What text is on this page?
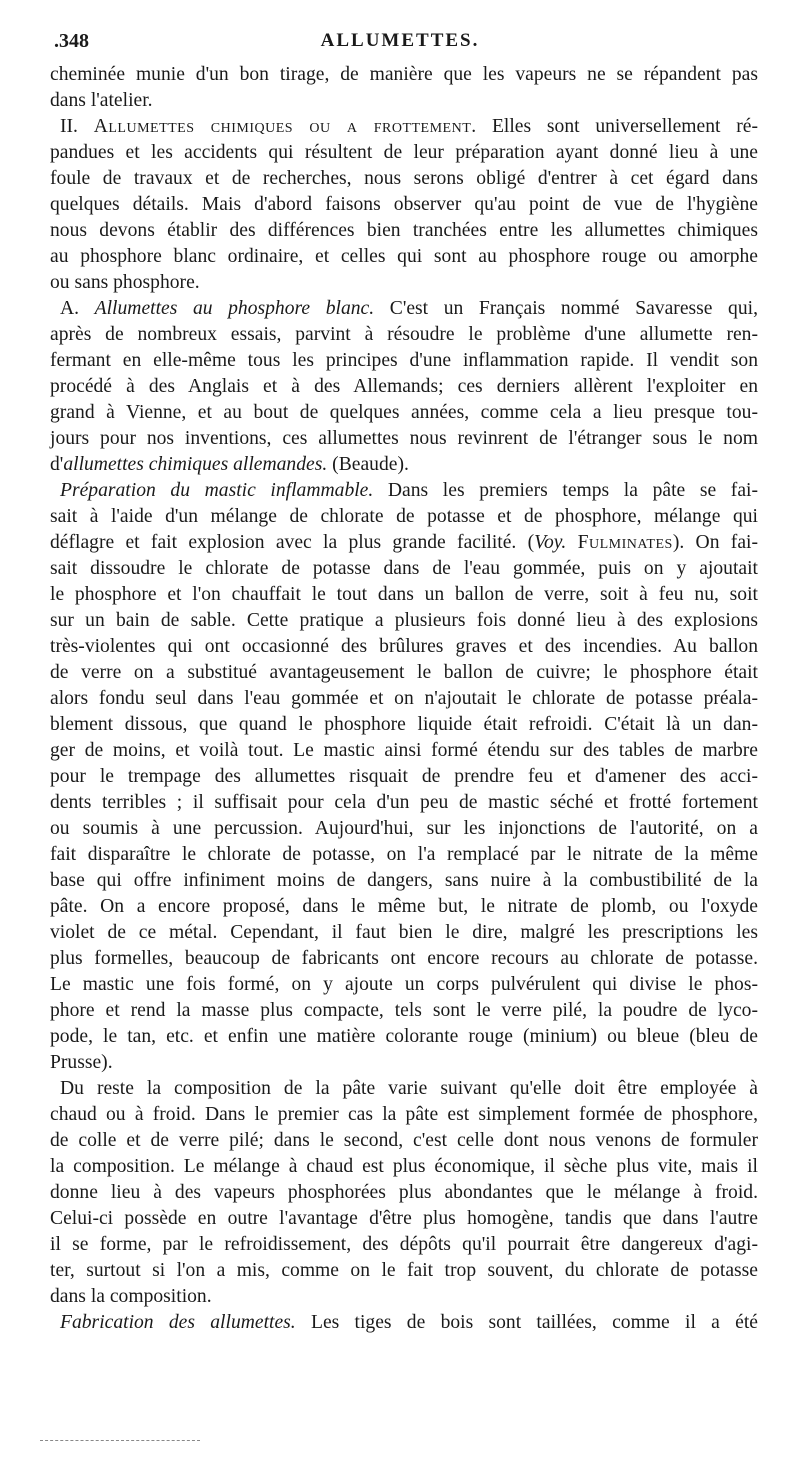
.348	ALLUMETTES.
cheminée munie d'un bon tirage, de manière que les vapeurs ne se répandent pas
dans l'atelier.
II. Allumettes chimiques ou a frottement. Elles sont universellement ré-
pandues et les accidents qui résultent de leur préparation ayant donné lieu à une
foule de travaux et de recherches, nous serons obligé d'entrer à cet égard dans
quelques détails. Mais d'abord faisons observer qu'au point de vue de l'hygiène
nous devons établir des différences bien tranchées entre les allumettes chimiques
au phosphore blanc ordinaire, et celles qui sont au phosphore rouge ou amorphe
ou sans phosphore.
A. Allumettes au phosphore blanc. C'est un Français nommé Savaresse qui,
après de nombreux essais, parvint à résoudre le problème d'une allumette ren-
fermant en elle-même tous les principes d'une inflammation rapide. Il vendit son
procédé à des Anglais et à des Allemands; ces derniers allèrent l'exploiter en
grand à Vienne, et au bout de quelques années, comme cela a lieu presque tou-
jours pour nos inventions, ces allumettes nous revinrent de l'étranger sous le nom
d'allumettes chimiques allemandes. (Beaude).
Préparation du mastic inflammable. Dans les premiers temps la pâte se fai-
sait à l'aide d'un mélange de chlorate de potasse et de phosphore, mélange qui
déflagre et fait explosion avec la plus grande facilité. (Voy. Fulminates). On fai-
sait dissoudre le chlorate de potasse dans de l'eau gommée, puis on y ajoutait
le phosphore et l'on chauffait le tout dans un ballon de verre, soit à feu nu, soit
sur un bain de sable. Cette pratique a plusieurs fois donné lieu à des explosions
très-violentes qui ont occasionné des brûlures graves et des incendies. Au ballon
de verre on a substitué avantageusement le ballon de cuivre; le phosphore était
alors fondu seul dans l'eau gommée et on n'ajoutait le chlorate de potasse préala-
blement dissous, que quand le phosphore liquide était refroidi. C'était là un dan-
ger de moins, et voilà tout. Le mastic ainsi formé étendu sur des tables de marbre
pour le trempage des allumettes risquait de prendre feu et d'amener des acci-
dents terribles ; il suffisait pour cela d'un peu de mastic séché et frotté fortement
ou soumis à une percussion. Aujourd'hui, sur les injonctions de l'autorité, on a
fait disparaître le chlorate de potasse, on l'a remplacé par le nitrate de la même
base qui offre infiniment moins de dangers, sans nuire à la combustibilité de la
pâte. On a encore proposé, dans le même but, le nitrate de plomb, ou l'oxyde
violet de ce métal. Cependant, il faut bien le dire, malgré les prescriptions les
plus formelles, beaucoup de fabricants ont encore recours au chlorate de potasse.
Le mastic une fois formé, on y ajoute un corps pulvérulent qui divise le phos-
phore et rend la masse plus compacte, tels sont le verre pilé, la poudre de lyco-
pode, le tan, etc. et enfin une matière colorante rouge (minium) ou bleue (bleu de
Prusse).
Du reste la composition de la pâte varie suivant qu'elle doit être employée à
chaud ou à froid. Dans le premier cas la pâte est simplement formée de phosphore,
de colle et de verre pilé; dans le second, c'est celle dont nous venons de formuler
la composition. Le mélange à chaud est plus économique, il sèche plus vite, mais il
donne lieu à des vapeurs phosphorées plus abondantes que le mélange à froid.
Celui-ci possède en outre l'avantage d'être plus homogène, tandis que dans l'autre
il se forme, par le refroidissement, des dépôts qu'il pourrait être dangereux d'agi-
ter, surtout si l'on a mis, comme on le fait trop souvent, du chlorate de potasse
dans la composition.
Fabrication des allumettes. Les tiges de bois sont taillées, comme il a été
